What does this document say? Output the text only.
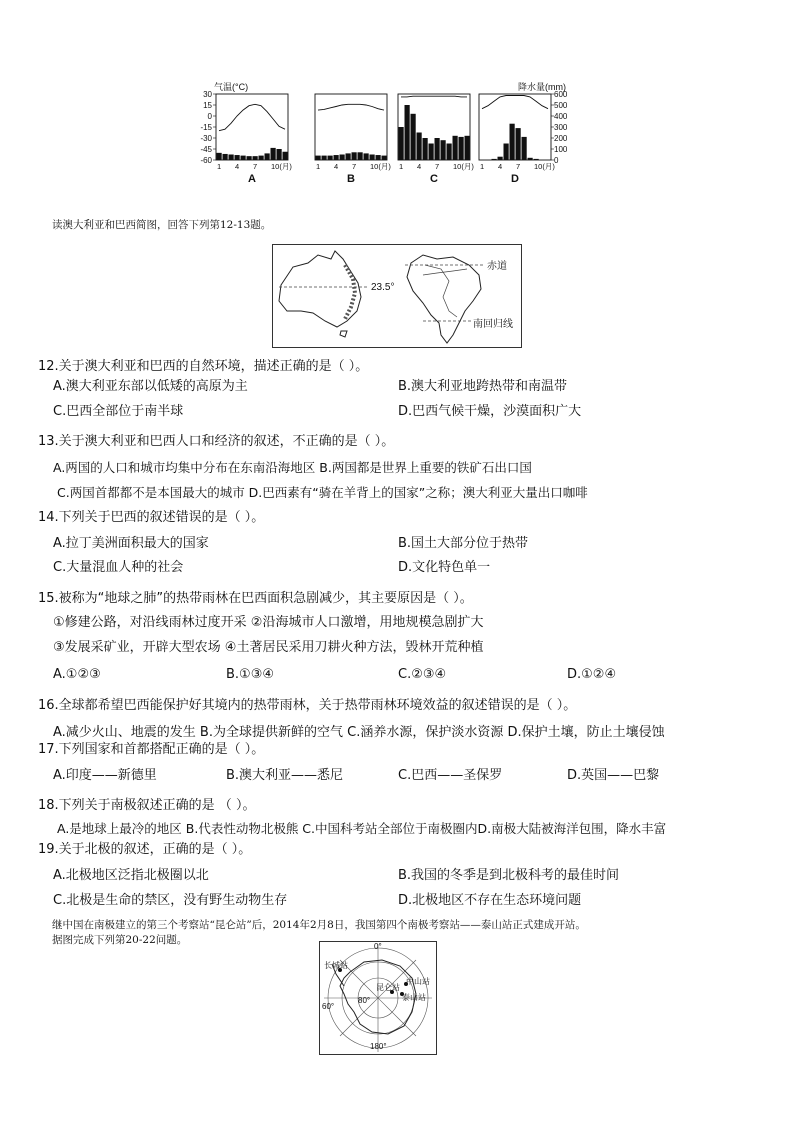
气温(°C)	降水量(mm)
30
15
0
-15
-30
-45
-60
600
500
400
300
200
100
0
1 4 7 10(月)
A
1 4 7 10(月)
B
1 4 7 10(月)
C
1 4 7 10(月)
D
读澳大利亚和巴西简图，回答下列第12-13题。
赤道
23.5°
南回归线
12.关于澳大利亚和巴西的自然环境，描述正确的是（ ）。
A.澳大利亚东部以低矮的高原为主	B.澳大利亚地跨热带和南温带
C.巴西全部位于南半球	D.巴西气候干燥，沙漠面积广大
13.关于澳大利亚和巴西人口和经济的叙述，不正确的是（ ）。
A.两国的人口和城市均集中分布在东南沿海地区 B.两国都是世界上重要的铁矿石出口国
C.两国首都都不是本国最大的城市 D.巴西素有“骑在羊背上的国家”之称；澳大利亚大量出口咖啡
14.下列关于巴西的叙述错误的是（ ）。
A.拉丁美洲面积最大的国家	B.国土大部分位于热带
C.大量混血人种的社会	D.文化特色单一
15.被称为“地球之肺”的热带雨林在巴西面积急剧减少，其主要原因是（ ）。
①修建公路，对沿线雨林过度开采 ②沿海城市人口激增，用地规模急剧扩大
③发展采矿业，开辟大型农场 ④土著居民采用刀耕火种方法，毁林开荒种植
A.①②③	B.①③④	C.②③④	D.①②④
16.全球都希望巴西能保护好其境内的热带雨林，关于热带雨林环境效益的叙述错误的是（ ）。
A.减少火山、地震的发生 B.为全球提供新鲜的空气 C.涵养水源，保护淡水资源 D.保护土壤，防止土壤侵蚀
17.下列国家和首都搭配正确的是（ ）。
A.印度——新德里	B.澳大利亚——悉尼	C.巴西——圣保罗	D.英国——巴黎
18.下列关于南极叙述正确的是 （ ）。
A.是地球上最冷的地区 B.代表性动物北极熊 C.中国科考站全部位于南极圈内D.南极大陆被海洋包围，降水丰富
19.关于北极的叙述，正确的是（ ）。
A.北极地区泛指北极圈以北	B.我国的冬季是到北极科考的最佳时间
C.北极是生命的禁区，没有野生动物生存	D.北极地区不存在生态环境问题
继中国在南极建立的第三个考察站“昆仑站”后，2014年2月8日，我国第四个南极考察站——泰山站正式建成开站。
据图完成下列第20-22问题。
0°
长城站
昆仑站
中山站
泰山站
80°
60°
180°
